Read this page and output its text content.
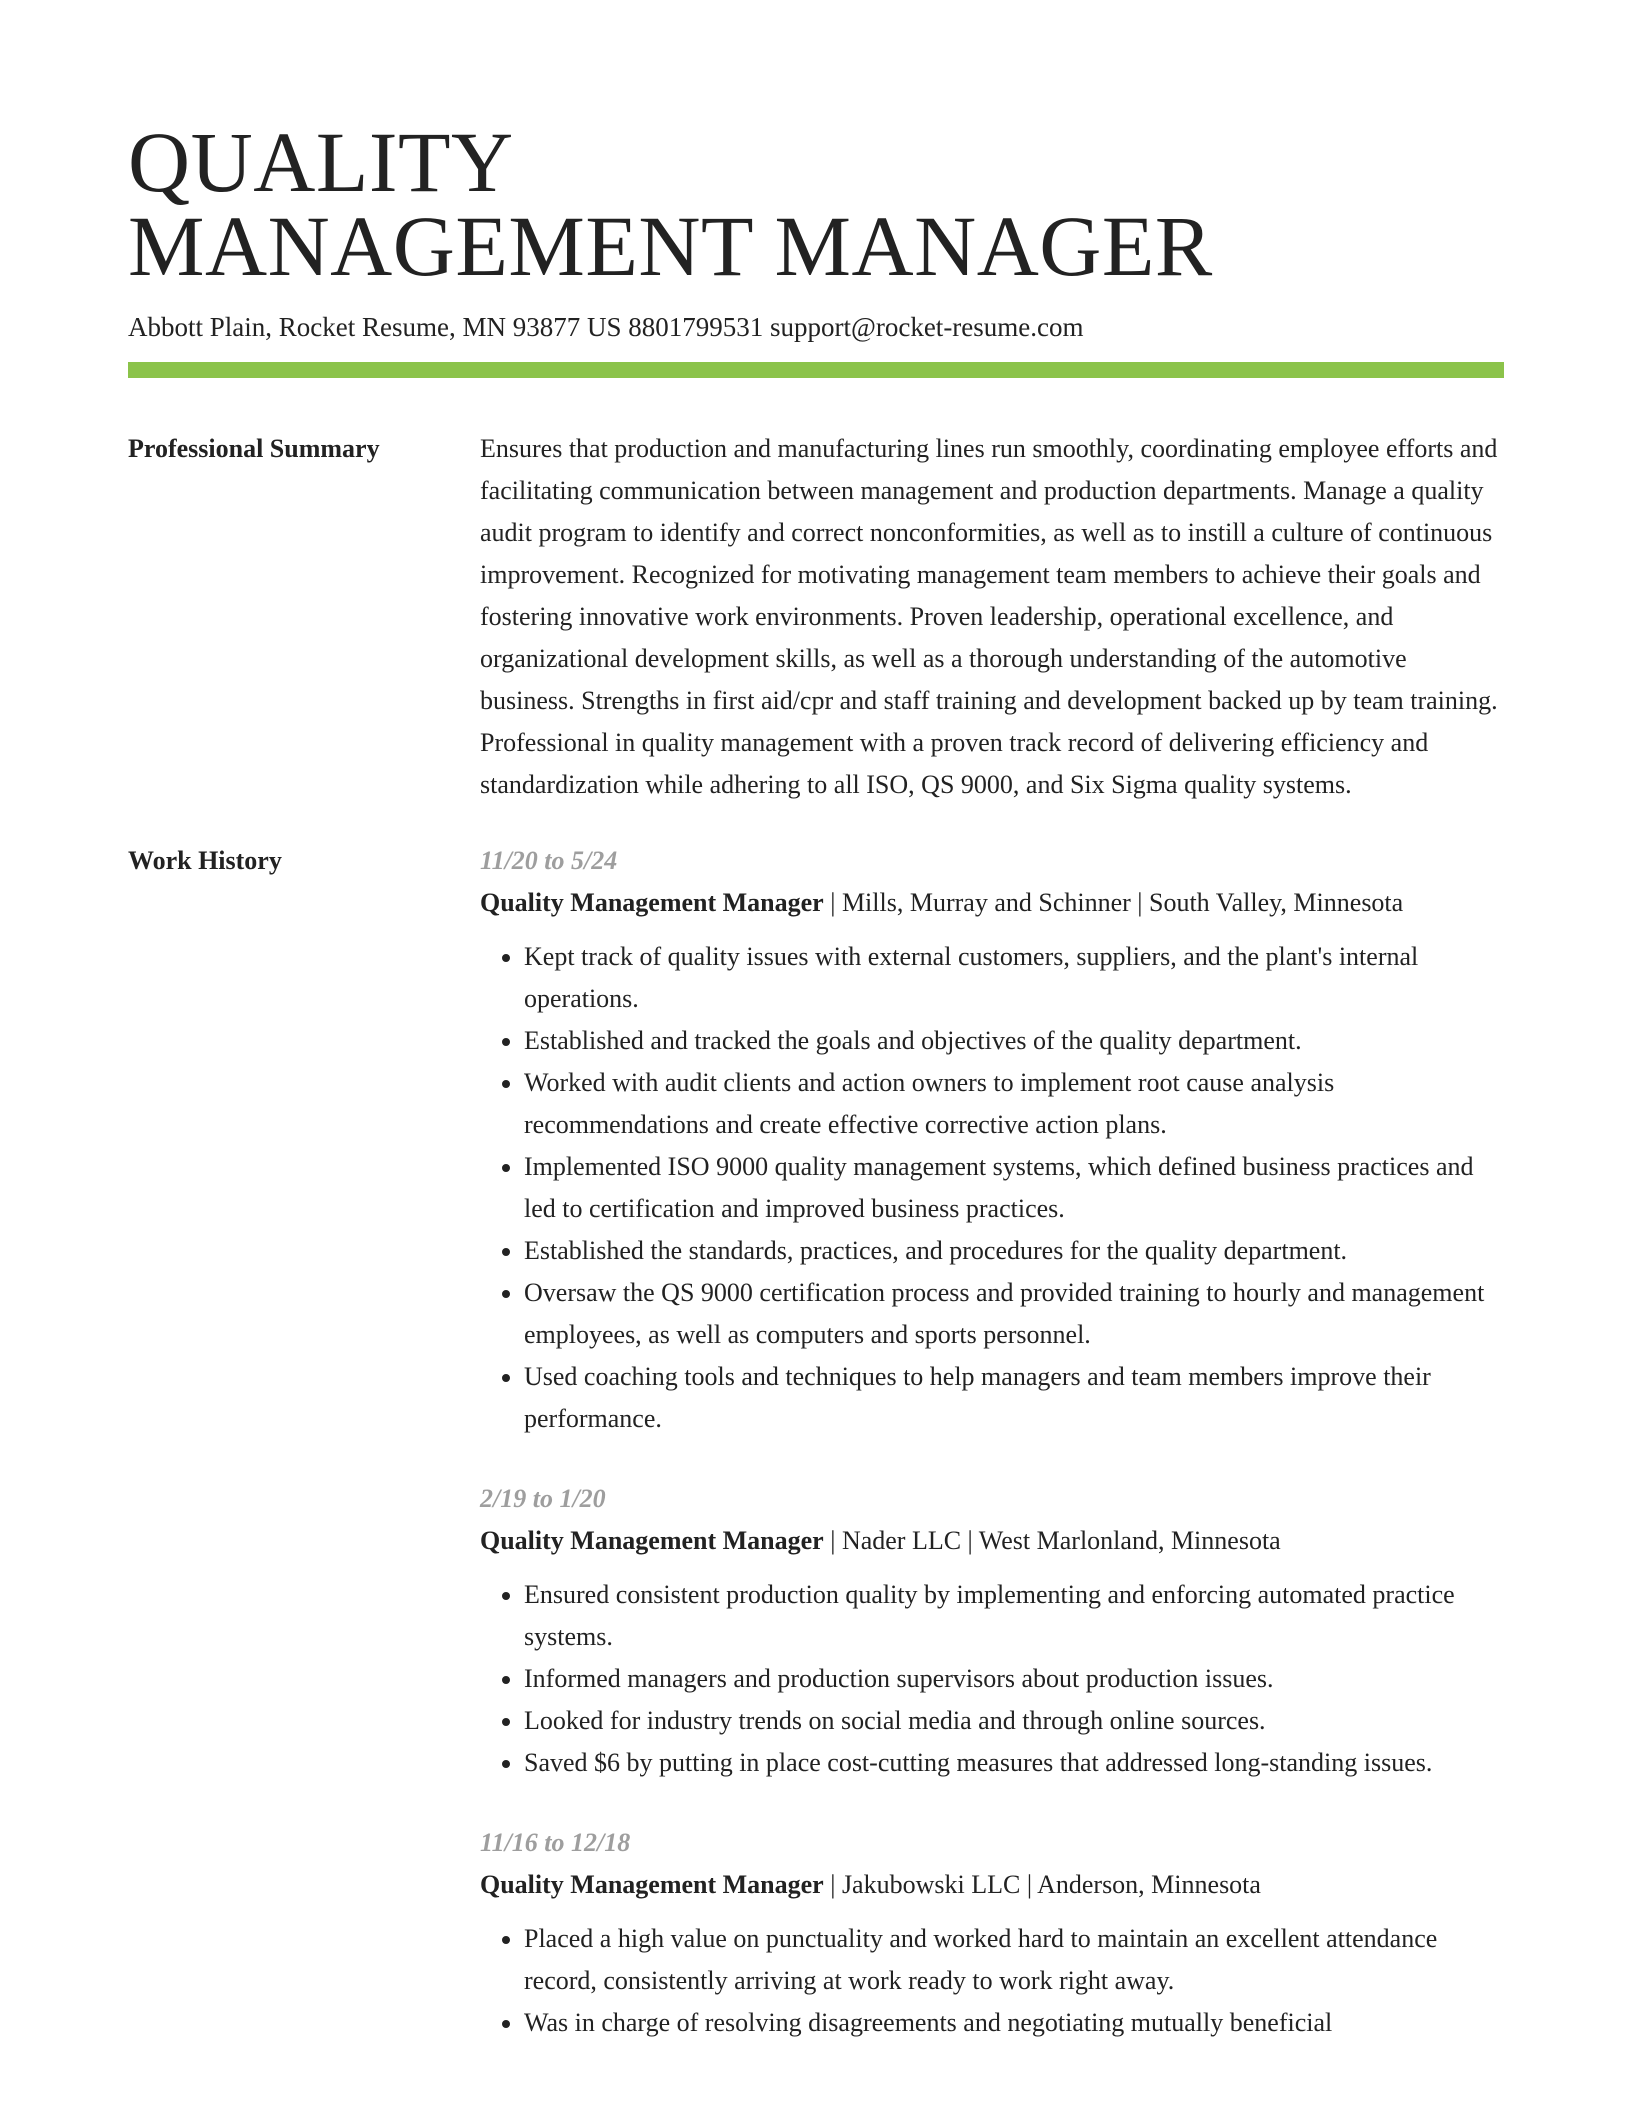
QUALITY
MANAGEMENT MANAGER
Abbott Plain, Rocket Resume, MN 93877 US 8801799531 support@rocket-resume.com
Professional Summary	Ensures that production and manufacturing lines run smoothly, coordinating employee efforts and facilitating communication between management and production departments. Manage a quality audit program to identify and correct nonconformities, as well as to instill a culture of continuous improvement. Recognized for motivating management team members to achieve their goals and fostering innovative work environments. Proven leadership, operational excellence, and organizational development skills, as well as a thorough understanding of the automotive business. Strengths in first aid/cpr and staff training and development backed up by team training. Professional in quality management with a proven track record of delivering efficiency and standardization while adhering to all ISO, QS 9000, and Six Sigma quality systems.
Work History	11/20 to 5/24
Quality Management Manager | Mills, Murray and Schinner | South Valley, Minnesota
• Kept track of quality issues with external customers, suppliers, and the plant's internal operations.
• Established and tracked the goals and objectives of the quality department.
• Worked with audit clients and action owners to implement root cause analysis recommendations and create effective corrective action plans.
• Implemented ISO 9000 quality management systems, which defined business practices and led to certification and improved business practices.
• Established the standards, practices, and procedures for the quality department.
• Oversaw the QS 9000 certification process and provided training to hourly and management employees, as well as computers and sports personnel.
• Used coaching tools and techniques to help managers and team members improve their performance.
2/19 to 1/20
Quality Management Manager | Nader LLC | West Marlonland, Minnesota
• Ensured consistent production quality by implementing and enforcing automated practice systems.
• Informed managers and production supervisors about production issues.
• Looked for industry trends on social media and through online sources.
• Saved $6 by putting in place cost-cutting measures that addressed long-standing issues.
11/16 to 12/18
Quality Management Manager | Jakubowski LLC | Anderson, Minnesota
• Placed a high value on punctuality and worked hard to maintain an excellent attendance record, consistently arriving at work ready to work right away.
• Was in charge of resolving disagreements and negotiating mutually beneficial
